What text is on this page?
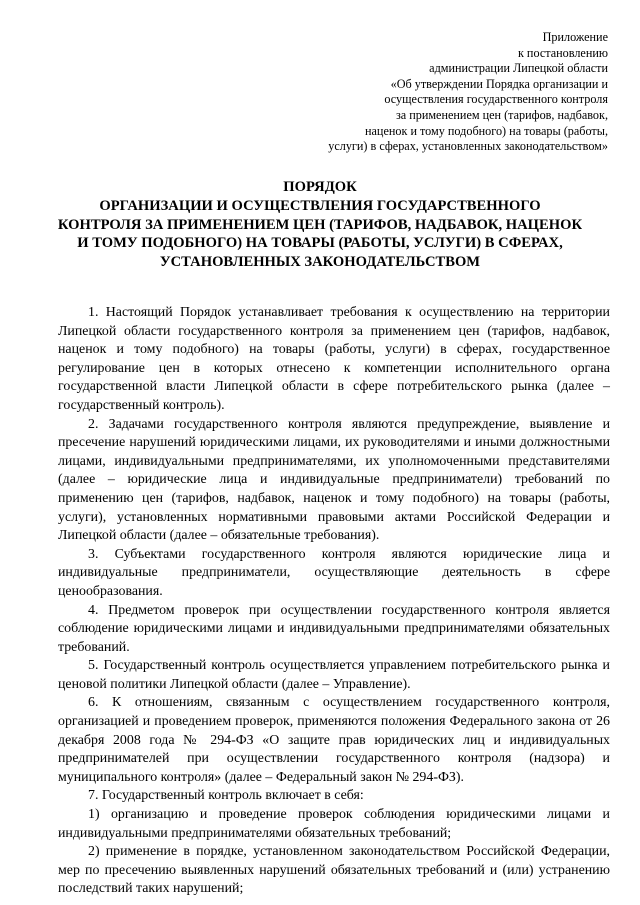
Приложение
к постановлению
администрации Липецкой области
«Об утверждении Порядка организации и
осуществления государственного контроля
за применением цен (тарифов, надбавок,
наценок и тому подобного) на товары (работы,
услуги) в сферах, установленных законодательством»
ПОРЯДОК
ОРГАНИЗАЦИИ И ОСУЩЕСТВЛЕНИЯ ГОСУДАРСТВЕННОГО
КОНТРОЛЯ ЗА ПРИМЕНЕНИЕМ ЦЕН (ТАРИФОВ, НАДБАВОК, НАЦЕНОК
И ТОМУ ПОДОБНОГО) НА ТОВАРЫ (РАБОТЫ, УСЛУГИ) В СФЕРАХ,
УСТАНОВЛЕННЫХ ЗАКОНОДАТЕЛЬСТВОМ

1. Настоящий Порядок устанавливает требования к осуществлению на территории Липецкой области государственного контроля за применением цен (тарифов, надбавок, наценок и тому подобного) на товары (работы, услуги) в сферах, государственное регулирование цен в которых отнесено к компетенции исполнительного органа государственной власти Липецкой области в сфере потребительского рынка (далее – государственный контроль).

2. Задачами государственного контроля являются предупреждение, выявление и пресечение нарушений юридическими лицами, их руководителями и иными должностными лицами, индивидуальными предпринимателями, их уполномоченными представителями (далее – юридические лица и индивидуальные предприниматели) требований по применению цен (тарифов, надбавок, наценок и тому подобного) на товары (работы, услуги), установленных нормативными правовыми актами Российской Федерации и Липецкой области (далее – обязательные требования).

3. Субъектами государственного контроля являются юридические лица и индивидуальные предприниматели, осуществляющие деятельность в сфере ценообразования.

4. Предметом проверок при осуществлении государственного контроля является соблюдение юридическими лицами и индивидуальными предпринимателями обязательных требований.

5. Государственный контроль осуществляется управлением потребительского рынка и ценовой политики Липецкой области (далее – Управление).

6. К отношениям, связанным с осуществлением государственного контроля, организацией и проведением проверок, применяются положения Федерального закона от 26 декабря 2008 года № 294-ФЗ «О защите прав юридических лиц и индивидуальных предпринимателей при осуществлении государственного контроля (надзора) и муниципального контроля» (далее – Федеральный закон № 294-ФЗ).

7. Государственный контроль включает в себя:

1) организацию и проведение проверок соблюдения юридическими лицами и индивидуальными предпринимателями обязательных требований;

2) применение в порядке, установленном законодательством Российской Федерации, мер по пресечению выявленных нарушений обязательных требований и (или) устранению последствий таких нарушений;
